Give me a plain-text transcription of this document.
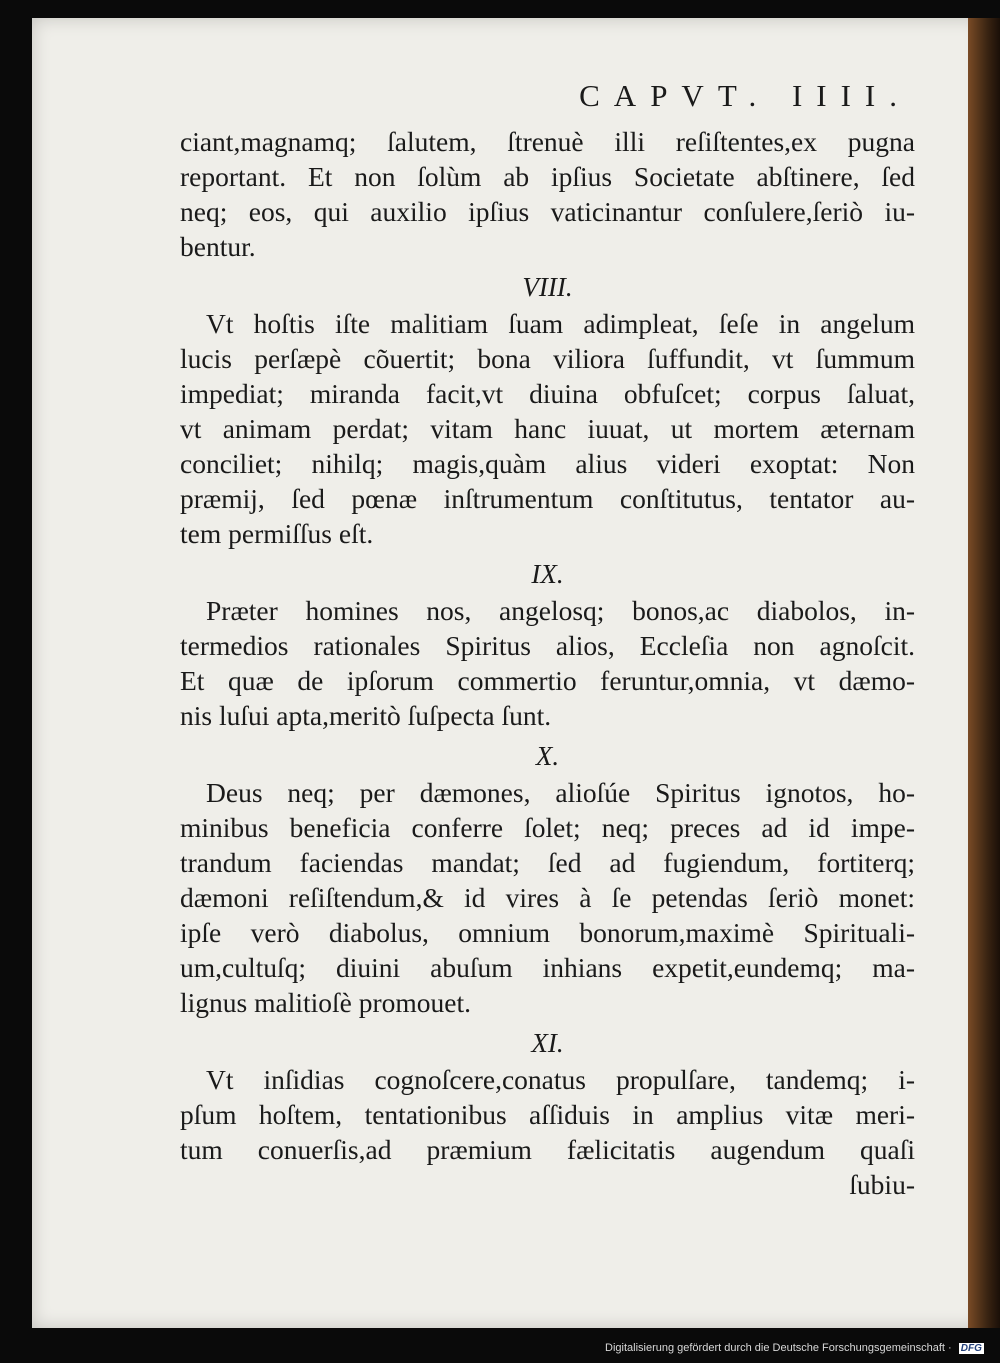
CAPVT. IIII.
ciant,magnamq; ſalutem, ſtrenuè illi reſiſtentes,ex pugna
reportant. Et non ſolùm ab ipſius Societate abſtinere, ſed
neq; eos, qui auxilio ipſius vaticinantur conſulere,ſeriò iu-
bentur.
VIII.
Vt hoſtis iſte malitiam ſuam adimpleat, ſeſe in angelum
lucis perſæpè cõuertit; bona viliora ſuffundit, vt ſummum
impediat; miranda facit,vt diuina obfuſcet; corpus ſaluat,
vt animam perdat; vitam hanc iuuat, ut mortem æternam
conciliet; nihilq; magis,quàm alius videri exoptat: Non
præmij, ſed pœnæ inſtrumentum conſtitutus, tentator au-
tem permiſſus eſt.
IX.
Præter homines nos, angelosq; bonos,ac diabolos, in-
termedios rationales Spiritus alios, Eccleſia non agnoſcit.
Et quæ de ipſorum commertio feruntur,omnia, vt dæmo-
nis luſui apta,meritò ſuſpecta ſunt.
X.
Deus neq; per dæmones, alioſúe Spiritus ignotos, ho-
minibus beneficia conferre ſolet; neq; preces ad id impe-
trandum faciendas mandat; ſed ad fugiendum, fortiterq;
dæmoni reſiſtendum,& id vires à ſe petendas ſeriò monet:
ipſe verò diabolus, omnium bonorum,maximè Spirituali-
um,cultuſq; diuini abuſum inhians expetit,eundemq; ma-
lignus malitioſè promouet.
XI.
Vt inſidias cognoſcere,conatus propulſare, tandemq; i-
pſum hoſtem, tentationibus aſſiduis in amplius vitæ meri-
tum conuerſis,ad præmium fælicitatis augendum quaſi
ſubiu-
Digitalisierung gefördert durch die Deutsche Forschungsgemeinschaft · DFG
